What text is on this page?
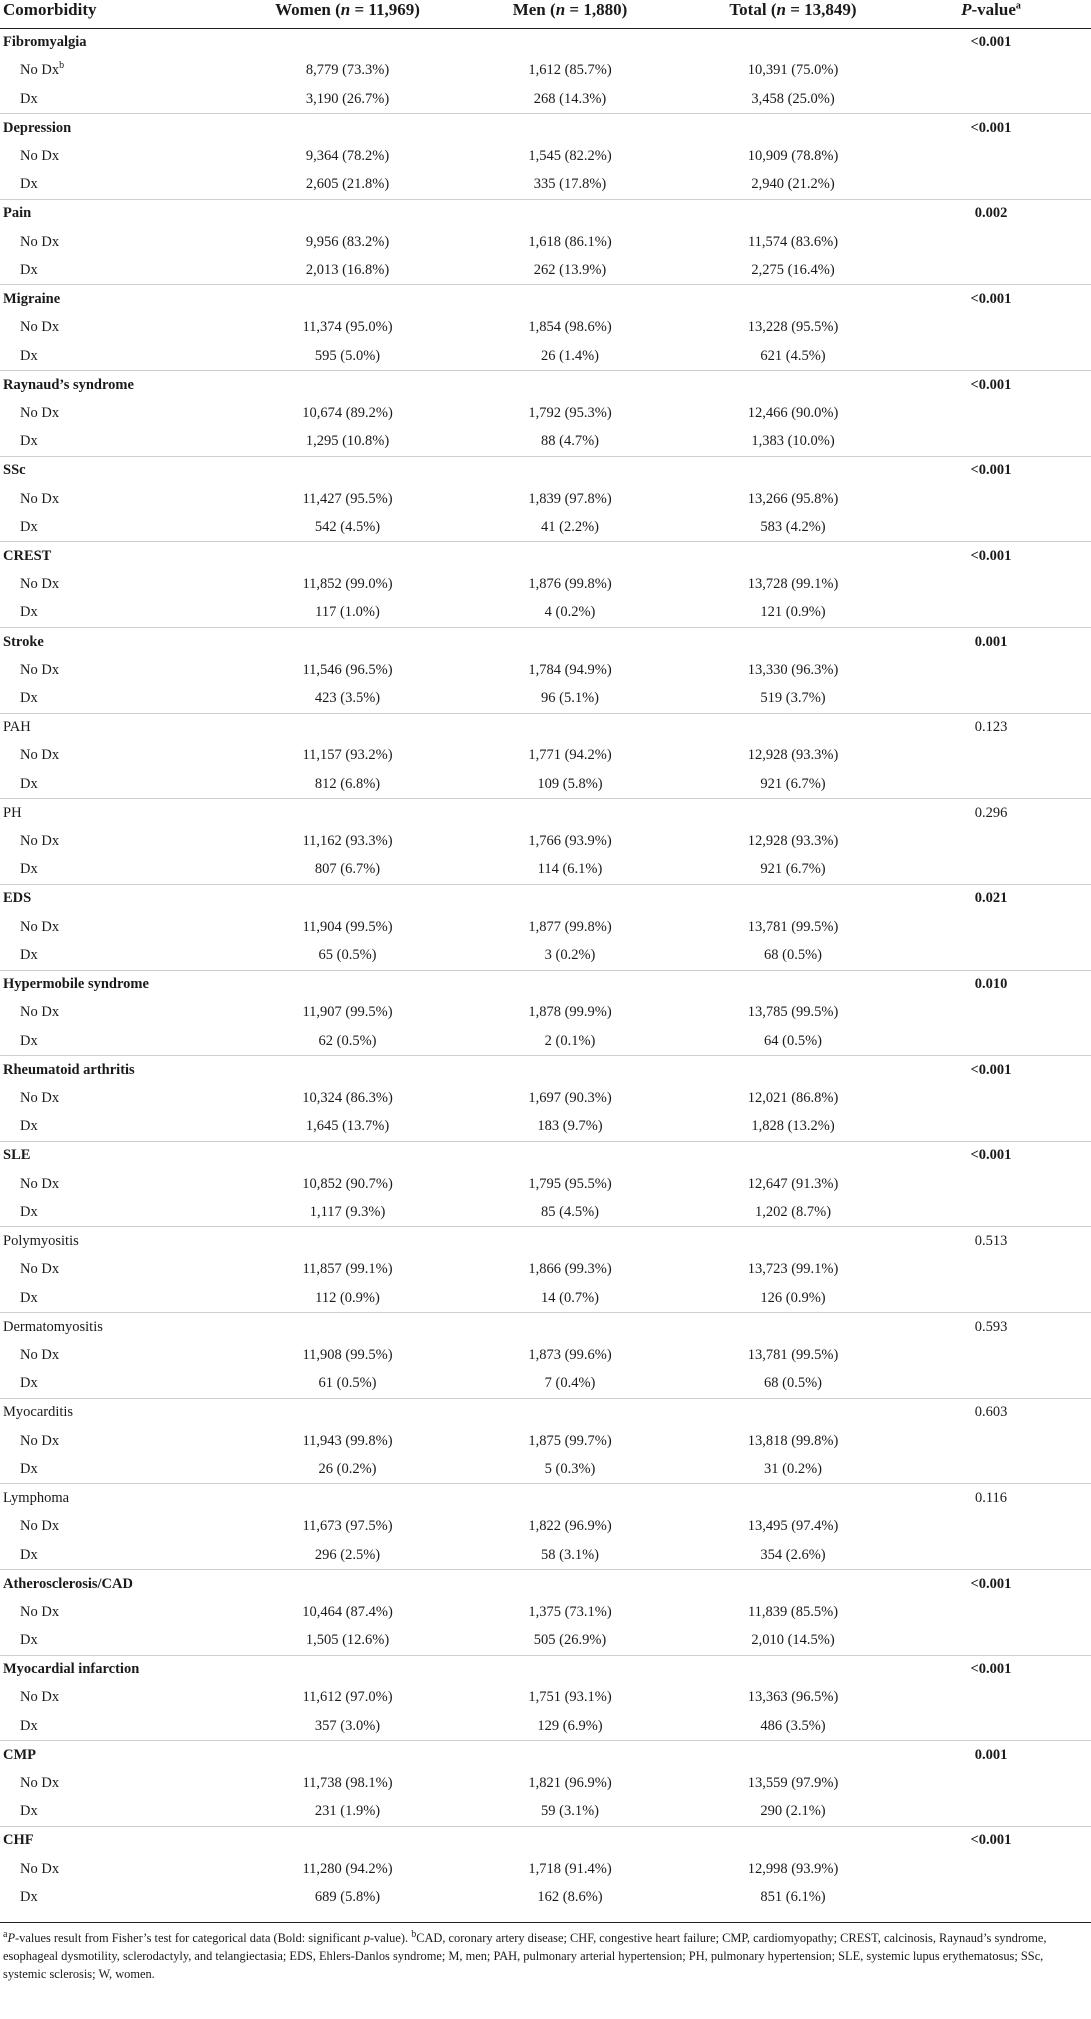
Comorbidity	Women (n = 11,969)	Men (n = 1,880)	Total (n = 13,849)	P-value$^a$
Fibromyalgia				<0.001
No Dx$^b$	8,779 (73.3%)	1,612 (85.7%)	10,391 (75.0%)	
Dx	3,190 (26.7%)	268 (14.3%)	3,458 (25.0%)	
Depression				<0.001
No Dx	9,364 (78.2%)	1,545 (82.2%)	10,909 (78.8%)	
Dx	2,605 (21.8%)	335 (17.8%)	2,940 (21.2%)	
Pain				0.002
No Dx	9,956 (83.2%)	1,618 (86.1%)	11,574 (83.6%)	
Dx	2,013 (16.8%)	262 (13.9%)	2,275 (16.4%)	
Migraine				<0.001
No Dx	11,374 (95.0%)	1,854 (98.6%)	13,228 (95.5%)	
Dx	595 (5.0%)	26 (1.4%)	621 (4.5%)	
Raynaud’s syndrome				<0.001
No Dx	10,674 (89.2%)	1,792 (95.3%)	12,466 (90.0%)	
Dx	1,295 (10.8%)	88 (4.7%)	1,383 (10.0%)	
SSc				<0.001
No Dx	11,427 (95.5%)	1,839 (97.8%)	13,266 (95.8%)	
Dx	542 (4.5%)	41 (2.2%)	583 (4.2%)	
CREST				<0.001
No Dx	11,852 (99.0%)	1,876 (99.8%)	13,728 (99.1%)	
Dx	117 (1.0%)	4 (0.2%)	121 (0.9%)	
Stroke				0.001
No Dx	11,546 (96.5%)	1,784 (94.9%)	13,330 (96.3%)	
Dx	423 (3.5%)	96 (5.1%)	519 (3.7%)	
PAH				0.123
No Dx	11,157 (93.2%)	1,771 (94.2%)	12,928 (93.3%)	
Dx	812 (6.8%)	109 (5.8%)	921 (6.7%)	
PH				0.296
No Dx	11,162 (93.3%)	1,766 (93.9%)	12,928 (93.3%)	
Dx	807 (6.7%)	114 (6.1%)	921 (6.7%)	
EDS				0.021
No Dx	11,904 (99.5%)	1,877 (99.8%)	13,781 (99.5%)	
Dx	65 (0.5%)	3 (0.2%)	68 (0.5%)	
Hypermobile syndrome				0.010
No Dx	11,907 (99.5%)	1,878 (99.9%)	13,785 (99.5%)	
Dx	62 (0.5%)	2 (0.1%)	64 (0.5%)	
Rheumatoid arthritis				<0.001
No Dx	10,324 (86.3%)	1,697 (90.3%)	12,021 (86.8%)	
Dx	1,645 (13.7%)	183 (9.7%)	1,828 (13.2%)	
SLE				<0.001
No Dx	10,852 (90.7%)	1,795 (95.5%)	12,647 (91.3%)	
Dx	1,117 (9.3%)	85 (4.5%)	1,202 (8.7%)	
Polymyositis				0.513
No Dx	11,857 (99.1%)	1,866 (99.3%)	13,723 (99.1%)	
Dx	112 (0.9%)	14 (0.7%)	126 (0.9%)	
Dermatomyositis				0.593
No Dx	11,908 (99.5%)	1,873 (99.6%)	13,781 (99.5%)	
Dx	61 (0.5%)	7 (0.4%)	68 (0.5%)	
Myocarditis				0.603
No Dx	11,943 (99.8%)	1,875 (99.7%)	13,818 (99.8%)	
Dx	26 (0.2%)	5 (0.3%)	31 (0.2%)	
Lymphoma				0.116
No Dx	11,673 (97.5%)	1,822 (96.9%)	13,495 (97.4%)	
Dx	296 (2.5%)	58 (3.1%)	354 (2.6%)	
Atherosclerosis/CAD				<0.001
No Dx	10,464 (87.4%)	1,375 (73.1%)	11,839 (85.5%)	
Dx	1,505 (12.6%)	505 (26.9%)	2,010 (14.5%)	
Myocardial infarction				<0.001
No Dx	11,612 (97.0%)	1,751 (93.1%)	13,363 (96.5%)	
Dx	357 (3.0%)	129 (6.9%)	486 (3.5%)	
CMP				0.001
No Dx	11,738 (98.1%)	1,821 (96.9%)	13,559 (97.9%)	
Dx	231 (1.9%)	59 (3.1%)	290 (2.1%)	
CHF				<0.001
No Dx	11,280 (94.2%)	1,718 (91.4%)	12,998 (93.9%)	
Dx	689 (5.8%)	162 (8.6%)	851 (6.1%)	
$^a$P-values result from Fisher’s test for categorical data (Bold: significant p-value). $^b$CAD, coronary artery disease; CHF, congestive heart failure; CMP, cardiomyopathy; CREST, calcinosis, Raynaud’s syndrome, esophageal dysmotility, sclerodactyly, and telangiectasia; EDS, Ehlers-Danlos syndrome; M, men; PAH, pulmonary arterial hypertension; PH, pulmonary hypertension; SLE, systemic lupus erythematosus; SSc, systemic sclerosis; W, women.
